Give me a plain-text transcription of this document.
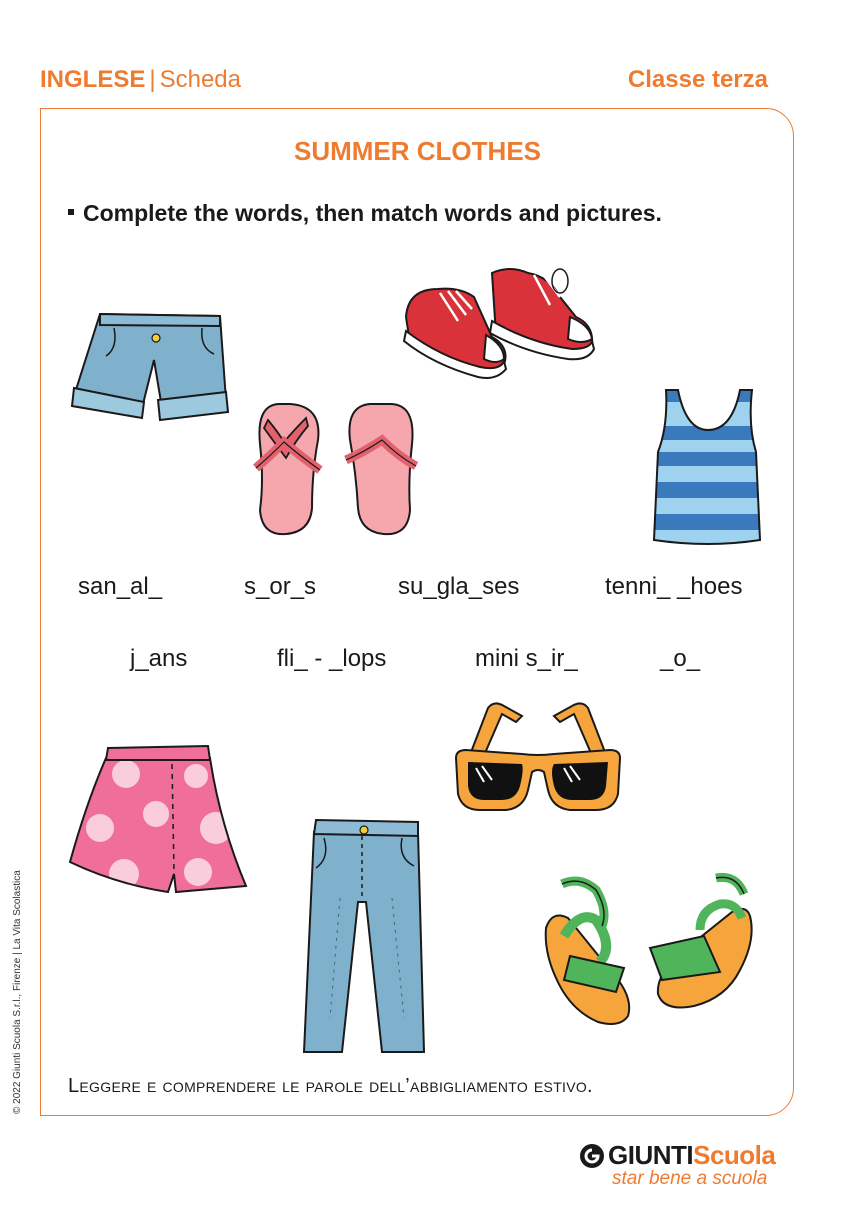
INGLESE | Scheda	Classe terza
SUMMER CLOTHES
Complete the words, then match words and pictures.
san_al_	s_or_s	su_gla_ses	tenni_ _hoes
j_ans	fli_ - _lops	mini s_ir_	_o_
Leggere e comprendere le parole dell’abbigliamento estivo.
© 2022 Giunti Scuola S.r.l., Firenze | La Vita Scolastica
GIUNTIScuola
star bene a scuola
